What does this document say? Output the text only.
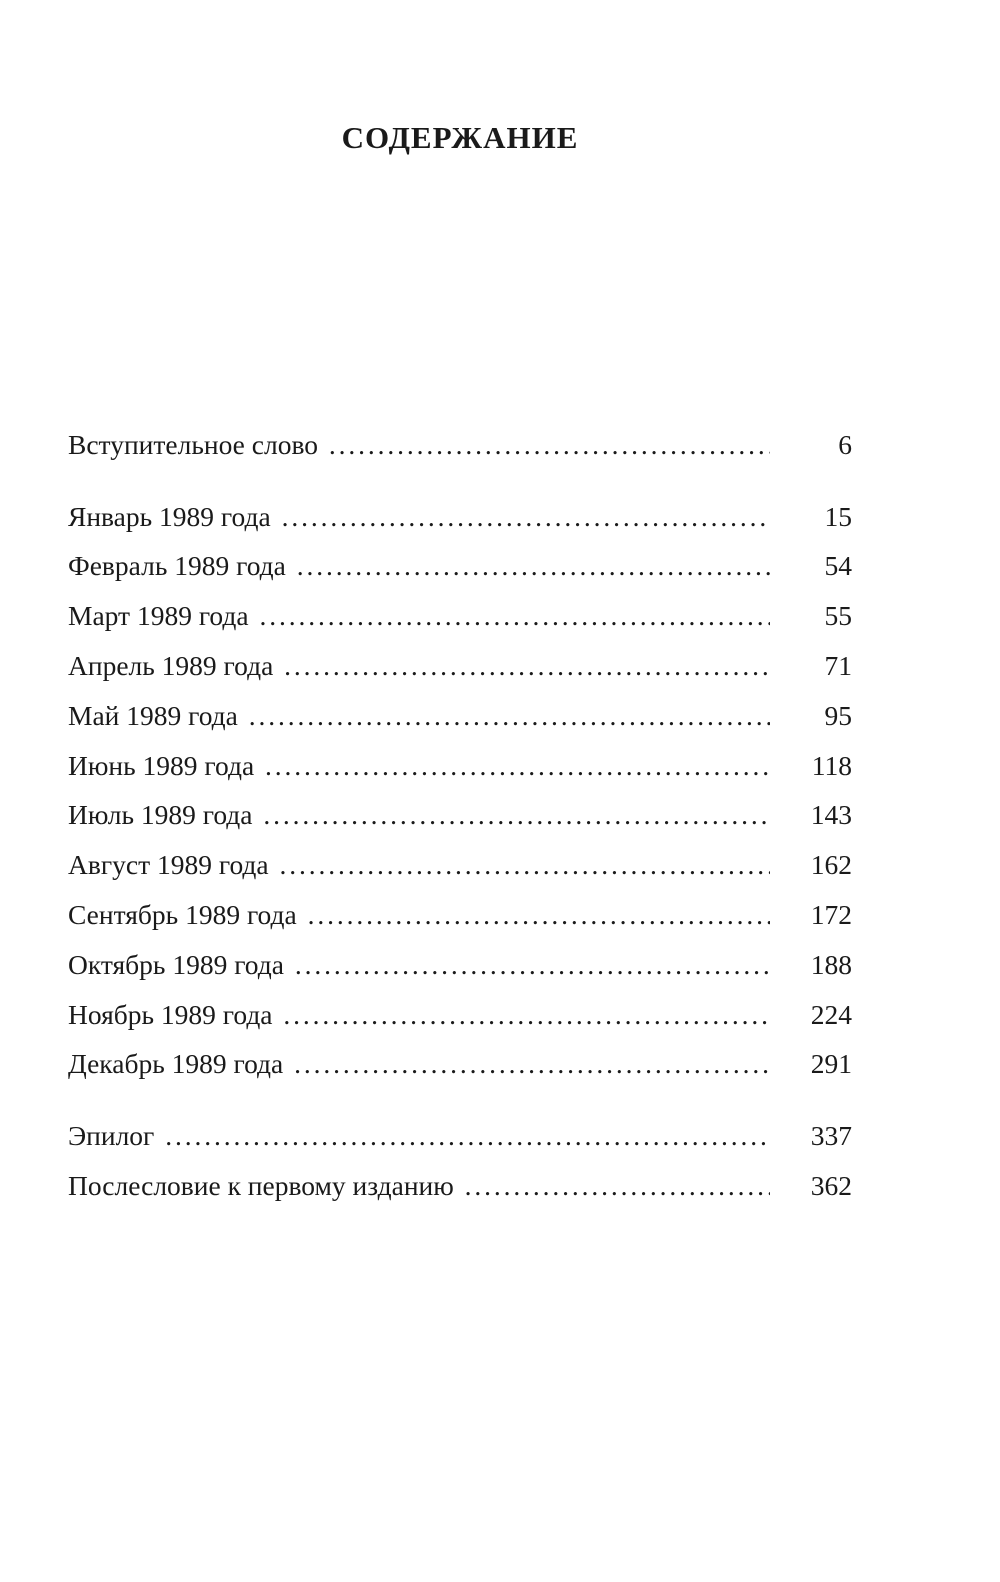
СОДЕРЖАНИЕ
Вступительное слово . . .	6
Январь 1989 года . . .	15
Февраль 1989 года . . .	54
Март 1989 года . . .	55
Апрель 1989 года . . .	71
Май 1989 года . . .	95
Июнь 1989 года . . .	118
Июль 1989 года . . .	143
Август 1989 года . . .	162
Сентябрь 1989 года . . .	172
Октябрь 1989 года . . .	188
Ноябрь 1989 года . . .	224
Декабрь 1989 года . . .	291
Эпилог . . .	337
Послесловие к первому изданию . . .	362
